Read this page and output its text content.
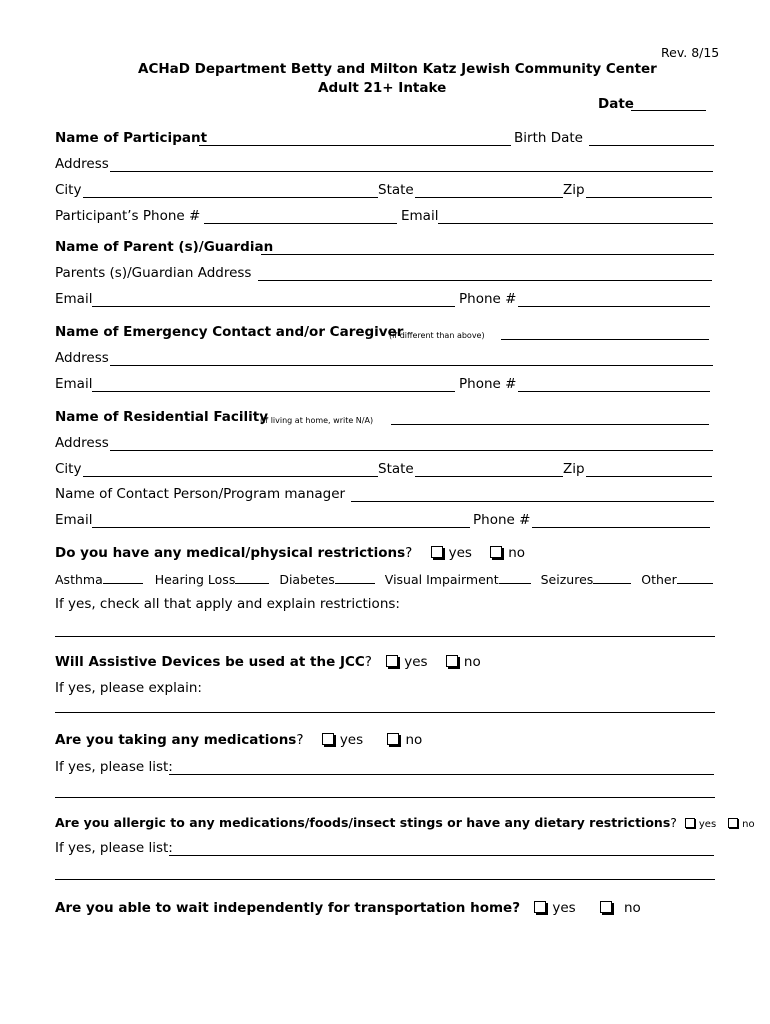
Rev. 8/15
ACHaD Department Betty and Milton Katz Jewish Community Center
Adult 21+ Intake
Date
Name of Participant	Birth Date
Address
City	State	Zip
Participant’s Phone #	Email
Name of Parent (s)/Guardian
Parents (s)/Guardian Address
Email	Phone #
Name of Emergency Contact and/or Caregiver
(if different than above)
Address
Email	Phone #
Name of Residential Facility
(if living at home, write N/A)
Address
City	State	Zip
Name of Contact Person/Program manager
Email	Phone #
Do you have any medical/physical restrictions?	yes	no
Asthma	Hearing Loss	Diabetes	Visual Impairment	Seizures	Other
If yes, check all that apply and explain restrictions:
Will Assistive Devices be used at the JCC? yes	no
If yes, please explain:
Are you taking any medications?	yes	no
If yes, please list:
Are you allergic to any medications/foods/insect stings or have any dietary restrictions? yes	no
If yes, please list:
Are you able to wait independently for transportation home? yes	no
